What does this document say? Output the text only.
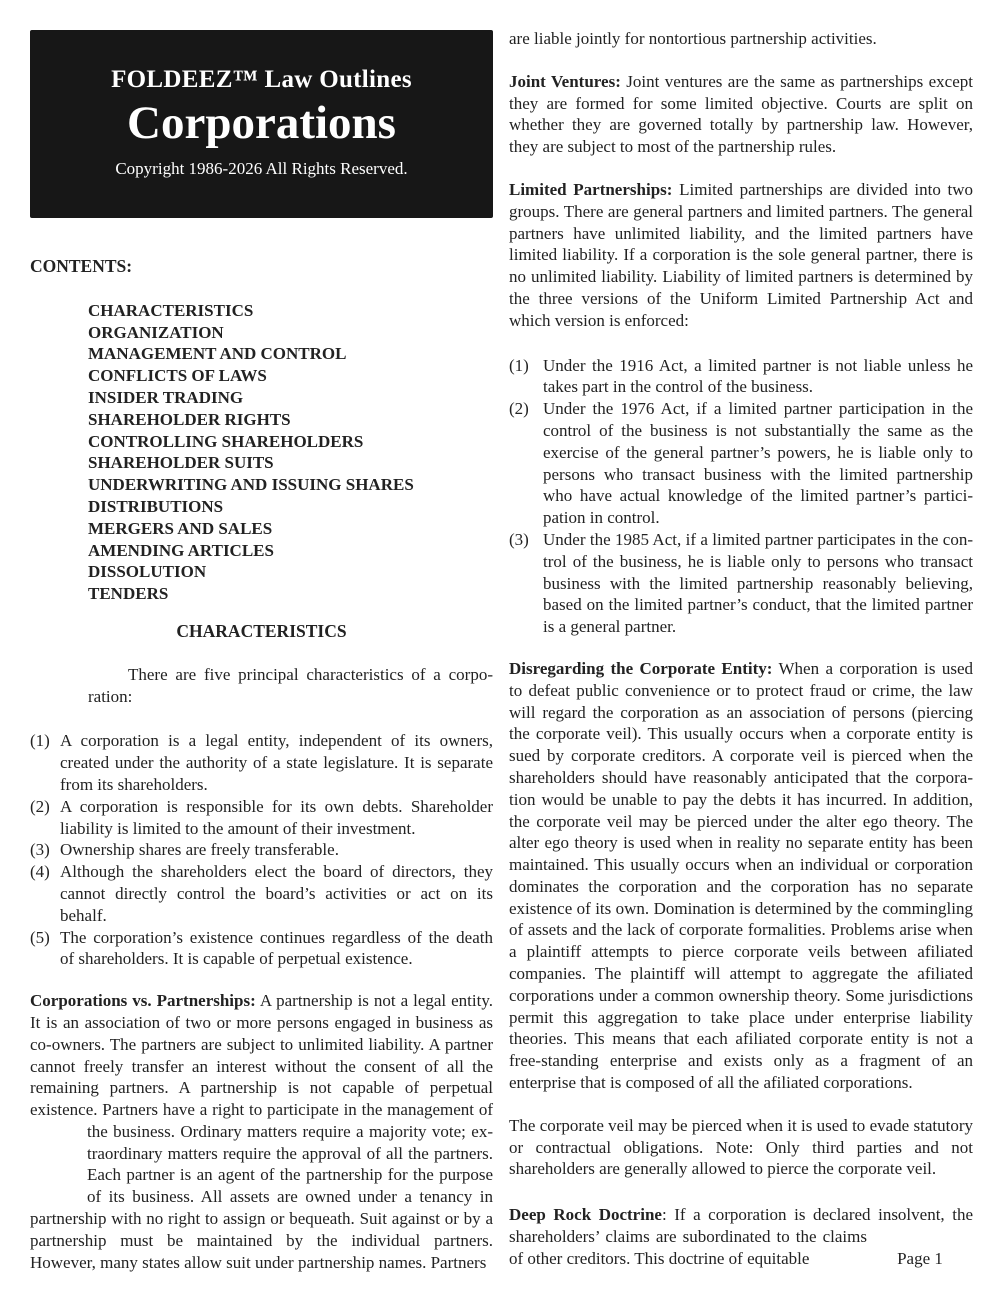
FOLDEEZ™ Law Outlines
Corporations
Copyright 1986-2026 All Rights Reserved.
CONTENTS:
CHARACTERISTICS
ORGANIZATION
MANAGEMENT AND CONTROL
CONFLICTS OF LAWS
INSIDER TRADING
SHAREHOLDER RIGHTS
CONTROLLING SHAREHOLDERS
SHAREHOLDER SUITS
UNDERWRITING AND ISSUING SHARES
DISTRIBUTIONS
MERGERS AND SALES
AMENDING ARTICLES
DISSOLUTION
TENDERS
CHARACTERISTICS
There are five principal characteristics of a corporation:
(1) A corporation is a legal entity, independent of its owners, created under the authority of a state legislature. It is separate from its shareholders.
(2) A corporation is responsible for its own debts. Shareholder liability is limited to the amount of their investment.
(3) Ownership shares are freely transferable.
(4) Although the shareholders elect the board of directors, they cannot directly control the board’s activities or act on its behalf.
(5) The corporation’s existence continues regardless of the death of shareholders. It is capable of perpetual existence.
Corporations vs. Partnerships: A partnership is not a legal entity. It is an association of two or more persons engaged in business as co-owners. The partners are subject to unlimited liability. A partner cannot freely transfer an interest without the consent of all the remaining partners. A partnership is not capable of perpetual existence. Partners have a right to participate in the management of
the business. Ordinary matters require a majority vote; extraordinary matters require the approval of all the partners. Each partner is an agent of the partnership for the purpose of its business. All assets are owned under a tenancy in partnership with no right to assign or bequeath. Suit against or by a partnership must be maintained by the individual partners. However, many states allow suit under partnership names. Partners
are liable jointly for nontortious partnership activities.
Joint Ventures: Joint ventures are the same as partnerships except they are formed for some limited objective. Courts are split on whether they are governed totally by partnership law. However, they are subject to most of the partnership rules.
Limited Partnerships: Limited partnerships are divided into two groups. There are general partners and limited partners. The general partners have unlimited liability, and the limited partners have limited liability. If a corporation is the sole general partner, there is no unlimited liability. Liability of limited partners is determined by the three versions of the Uniform Limited Partnership Act and which version is enforced:
(1) Under the 1916 Act, a limited partner is not liable unless he takes part in the control of the business.
(2) Under the 1976 Act, if a limited partner participation in the control of the business is not substantially the same as the exercise of the general partner’s powers, he is liable only to persons who transact business with the limited partnership who have actual knowledge of the limited partner’s participation in control.
(3) Under the 1985 Act, if a limited partner participates in the control of the business, he is liable only to persons who transact business with the limited partnership reasonably believing, based on the limited partner’s conduct, that the limited partner is a general partner.
Disregarding the Corporate Entity: When a corporation is used to defeat public convenience or to protect fraud or crime, the law will regard the corporation as an association of persons (piercing the corporate veil). This usually occurs when a corporate entity is sued by corporate creditors. A corporate veil is pierced when the shareholders should have reasonably anticipated that the corporation would be unable to pay the debts it has incurred. In addition, the corporate veil may be pierced under the alter ego theory. The alter ego theory is used when in reality no separate entity has been maintained. This usually occurs when an individual or corporation dominates the corporation and the corporation has no separate existence of its own. Domination is determined by the commingling of assets and the lack of corporate formalities. Problems arise when a plaintiff attempts to pierce corporate veils between afiliated companies. The plaintiff will attempt to aggregate the afiliated corporations under a common ownership theory. Some jurisdictions permit this aggregation to take place under enterprise liability theories. This means that each afiliated corporate entity is not a free-standing enterprise and exists only as a fragment of an enterprise that is composed of all the afiliated corporations.
The corporate veil may be pierced when it is used to evade statutory or contractual obligations. Note: Only third parties and not shareholders are generally allowed to pierce the corporate veil.
Deep Rock Doctrine: If a corporation is declared insolvent,
Page 1
the shareholders’ claims are subordinated to the claims of other creditors. This doctrine of equitable
